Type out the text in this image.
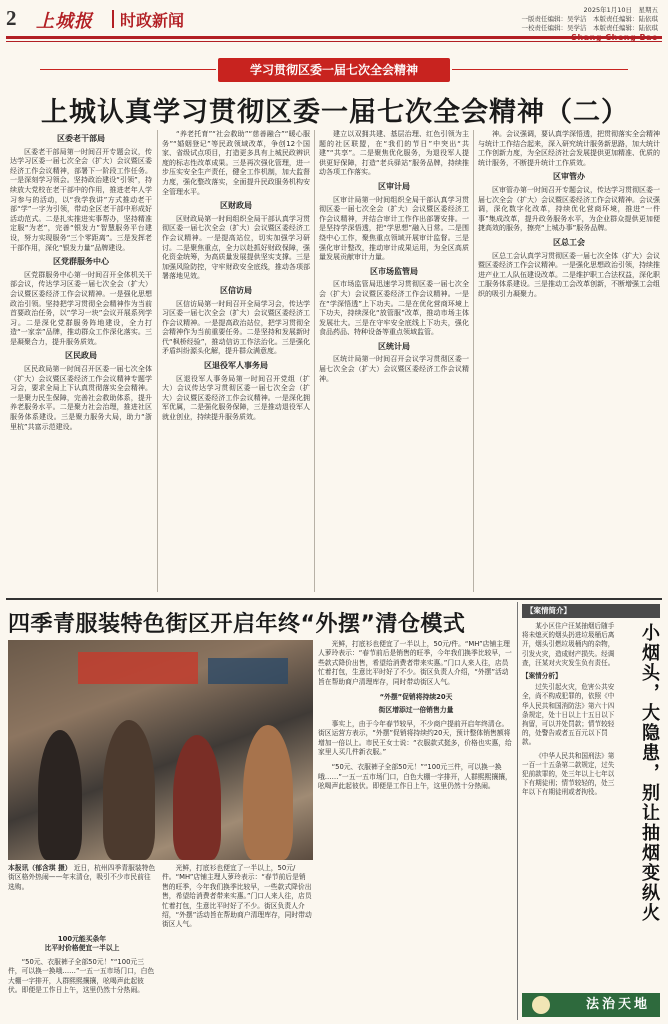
2 上城报 时政新闻
2025年1月10日　星期五
一版责任编辑：吴学洁　本版责任编辑：陆依琪
一校责任编辑：吴学洁　本版责任编辑：陆依琪
学习贯彻区委一届七次全会精神
上城认真学习贯彻区委一届七次全会精神（二）
区委老干部局

区委老干部局第一时间召开专题会议，传达学习区委一届七次全会（扩大）会议暨区委经济工作会议精神，部署下一阶段工作任务。一是深刻学习领会。坚持政治建设“引领”，持续放大党校在老干部中的作用，推进老年人学习参与的活动，以“我学我讲”方式推动老干部“学”一字为引领，带动全区老干部中形成好活动范式。二是扎实推进实事帮办，坚持精准定服“为老”，完善“银发力”智慧服务平台建设，努力实现服务“三个零距离”。三是发挥老干部作用，深化“银发力量”品牌建设。

区党群服务中心

区党群服务中心第一时间召开全体机关干部会议，传达学习区委一届七次全会（扩大）会议暨区委经济工作会议精神。一是强化思想政治引领。坚持把学习贯彻全会精神作为当前首要政治任务，以“学习一块”会议开展系列学习。二是深化党群服务阵地建设，全力打造“一家亲”品牌，推动群众工作深化落实。三是凝聚合力，提升服务质效。

区民政局

区民政局第一时间召开区委一届七次全体（扩大）会议暨区委经济工作会议精神专题学习会，要求全局上下认真贯彻落实全会精神。一是聚力民生保障，完善社会救助体系，提升养老服务水平。二是聚力社会治理，推进社区服务体系建设。三是聚力服务大局，助力“浙里杭”共富示范建设。

“养老托育”“社会救助”“慈善融合”“暖心服务”“婚姻登记”等民政领域改革，争创12个国家、省级试点项目，打造更多具有上城民政辨识度的标志性改革成果。三是再次强化管理，进一步压实安全生产责任，健全工作机制，加大监督力度，强化整改落实，全面提升民政服务机构安全管理水平。

区财政局

区财政局第一时间组织全局干部认真学习贯彻区委一届七次全会（扩大）会议暨区委经济工作会议精神。一是提高站位，切实加强学习研讨。二是聚焦重点，全力以赴抓好财政保障，强化资金统筹，为高质量发展提供坚实支撑。三是加强风险防控，守牢财政安全底线，推动各项部署落地见效。

区信访局

区信访局第一时间召开全局学习会，传达学习区委一届七次全会（扩大）会议暨区委经济工作会议精神。一是提高政治站位，把学习贯彻全会精神作为当前重要任务。二是坚持和发展新时代“枫桥经验”，推动信访工作法治化。三是强化矛盾纠纷源头化解，提升群众满意度。

区退役军人事务局

区退役军人事务局第一时间召开党组（扩大）会议传达学习贯彻区委一届七次全会（扩大）会议暨区委经济工作会议精神。一是深化拥军优属，二是强化服务保障，三是推动退役军人就业创业，持续提升服务质效。

建立以双拥共建、基层治理、红色引领为主题的社区联盟，在“我们的节日”中突出“共建”“共享”。二是聚焦优化服务，为退役军人提供更好保障，打造“老兵驿站”服务品牌，持续推动各项工作落实。

区审计局

区审计局第一时间组织全局干部认真学习贯彻区委一届七次全会（扩大）会议暨区委经济工作会议精神，并结合审计工作作出部署安排。一是坚持学深悟透，把“学思想”融入日常。二是围绕中心工作，聚焦重点领域开展审计监督。三是强化审计整改，推动审计成果运用，为全区高质量发展贡献审计力量。

区市场监管局

区市场监管局迅速学习贯彻区委一届七次全会（扩大）会议暨区委经济工作会议精神。一是在“学深悟透”上下功夫。二是在优化营商环境上下功夫，持续深化“放管服”改革，推动市场主体发展壮大。三是在守牢安全底线上下功夫，强化食品药品、特种设备等重点领域监管。

区统计局

区统计局第一时间召开会议学习贯彻区委一届七次全会（扩大）会议暨区委经济工作会议精神。

神。会议强调，要认真学深悟透，把贯彻落实全会精神与统计工作结合起来，深入研究统计服务新思路，加大统计工作创新力度，为全区经济社会发展提供更加精准、优质的统计服务，不断提升统计工作质效。

区审管办

区审管办第一时间召开专题会议，传达学习贯彻区委一届七次全会（扩大）会议暨区委经济工作会议精神。会议强调，深化数字化改革，持续优化营商环境，推进“一件事”集成改革，提升政务服务水平，为企业群众提供更加便捷高效的服务，擦亮“上城办事”服务品牌。

区总工会

区总工会认真学习贯彻区委一届七次全体（扩大）会议暨区委经济工作会议精神。一是强化思想政治引领，持续推进产业工人队伍建设改革。二是维护职工合法权益，深化职工服务体系建设。三是推动工会改革创新，不断增强工会组织的吸引力凝聚力。

四季青服装特色街区开启年终“外摆”清仓模式
本报讯（郁含琪 摄） 近日，杭州四季青服装特色街区格外热闹——年末清仓，吸引不少市民前往选购。
100元能买条年
比平时价格便宜一半以上
“50元、衣服裤子全部50元！”“100元三件，可以换一换哦……”一五一五市场门口，白色大棚一字排开，人群熙熙攘攘，吆喝声此起彼伏。即便是工作日上午，这里仍然十分热闹。
光鲜，打底衫也便宜了一半以上，50元/件。“MH”店铺主理人萝玲表示：“春节前后是销售的旺季，今年我们换季比较早，一些款式降价出售，希望给消费者带来实惠。”门口人来人往，店员忙着打包，生意比平时好了不少。街区负责人介绍，“外摆”活动旨在帮助商户清理库存，同时带动街区人气。

光鲜，打底衫也便宜了一半以上，50元/件。“MH”店铺主理人萝玲表示：“春节前后是销售的旺季，今年我们换季比较早，一些款式降价出售，希望给消费者带来实惠。”门口人来人往，店员忙着打包，生意比平时好了不少。街区负责人介绍，“外摆”活动旨在帮助商户清理库存，同时带动街区人气。

“外摆”促销将持续20天
街区增添过一倍销售力量

事实上，由于今年春节较早，不少商户提前开启年终清仓。街区运营方表示，“外摆”促销将持续约20天，预计整体销售额将增加一倍以上。市民王女士说：“衣服款式挺多，价格也实惠，给家里人买几件新衣服。”

“50元、衣服裤子全部50元！”“100元三件，可以换一换哦……”一五一五市场门口，白色大棚一字排开，人群熙熙攘攘，吆喝声此起彼伏。即便是工作日上午，这里仍然十分热闹。

【案情简介】
小烟头，大隐患，别让抽烟变纵火

某小区住户汪某抽烟后随手将未熄灭的烟头扔进垃圾桶后离开，烟头引燃垃圾桶内的杂物，引发火灾，造成财产损失。经调查，汪某对火灾发生负有责任。

【案情分析】

过失引起火灾，危害公共安全，尚不构成犯罪的，依照《中华人民共和国消防法》第六十四条规定，处十日以上十五日以下拘留，可以并处罚款；情节较轻的，处警告或者五百元以下罚款。

《中华人民共和国刑法》第一百一十五条第二款规定，过失犯前款罪的，处三年以上七年以下有期徒刑；情节较轻的，处三年以下有期徒刑或者拘役。

法治天地
